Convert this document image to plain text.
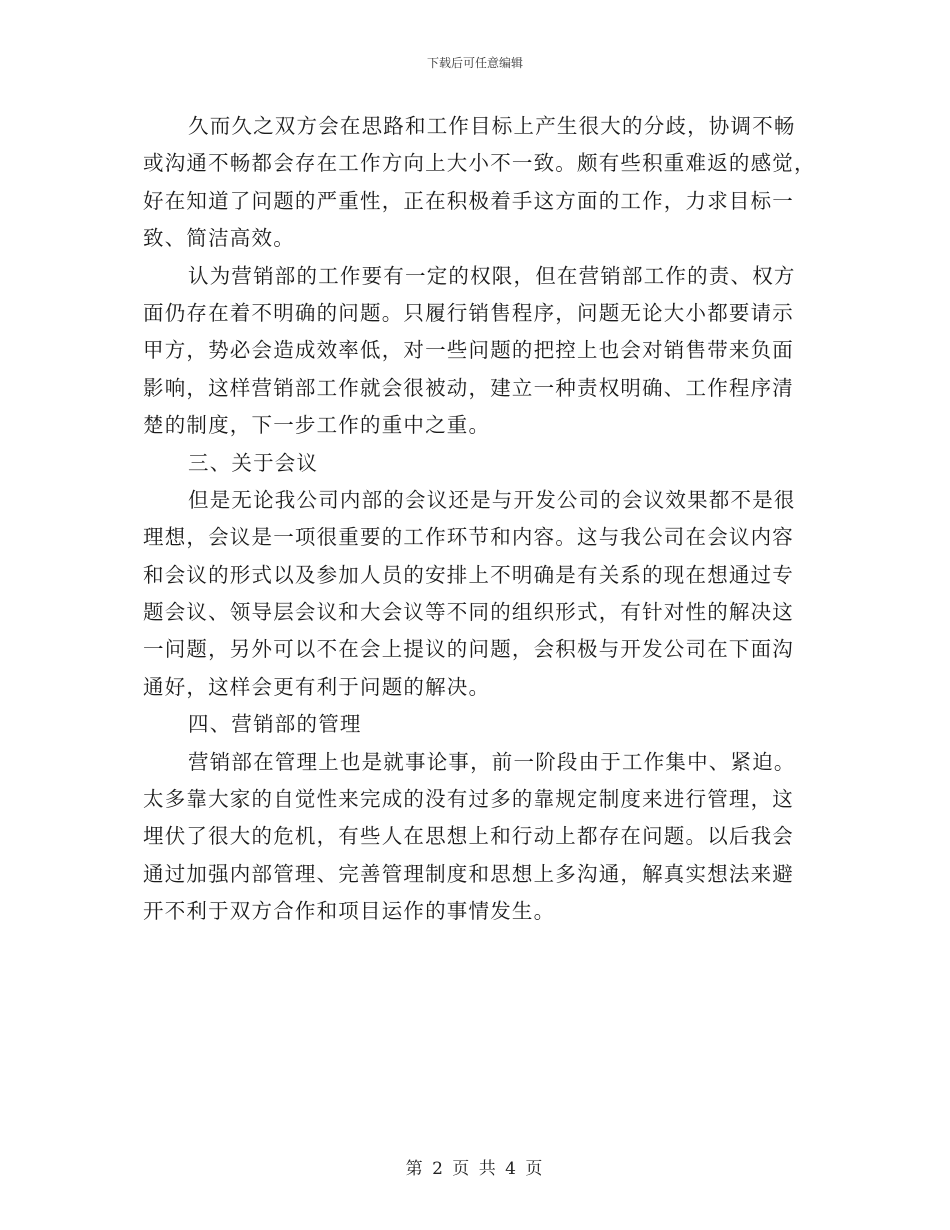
下载后可任意编辑
久而久之双方会在思路和工作目标上产生很大的分歧，协调不畅
或沟通不畅都会存在工作方向上大小不一致。颇有些积重难返的感觉，
好在知道了问题的严重性，正在积极着手这方面的工作，力求目标一
致、简洁高效。
认为营销部的工作要有一定的权限，但在营销部工作的责、权方
面仍存在着不明确的问题。只履行销售程序，问题无论大小都要请示
甲方，势必会造成效率低，对一些问题的把控上也会对销售带来负面
影响，这样营销部工作就会很被动，建立一种责权明确、工作程序清
楚的制度，下一步工作的重中之重。
三、关于会议
但是无论我公司内部的会议还是与开发公司的会议效果都不是很
理想，会议是一项很重要的工作环节和内容。这与我公司在会议内容
和会议的形式以及参加人员的安排上不明确是有关系的现在想通过专
题会议、领导层会议和大会议等不同的组织形式，有针对性的解决这
一问题，另外可以不在会上提议的问题，会积极与开发公司在下面沟
通好，这样会更有利于问题的解决。
四、营销部的管理
营销部在管理上也是就事论事，前一阶段由于工作集中、紧迫。
太多靠大家的自觉性来完成的没有过多的靠规定制度来进行管理，这
埋伏了很大的危机，有些人在思想上和行动上都存在问题。以后我会
通过加强内部管理、完善管理制度和思想上多沟通，解真实想法来避
开不利于双方合作和项目运作的事情发生。
第 2 页 共 4 页
